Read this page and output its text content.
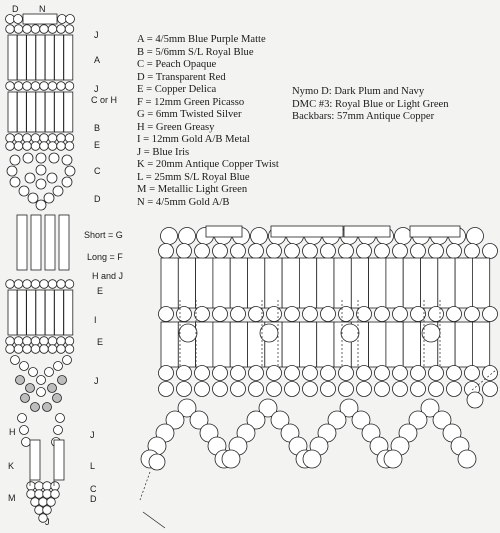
A = 4/5mm Blue Purple Matte
B = 5/6mm S/L Royal Blue
C = Peach Opaque
D = Transparent Red
E = Copper Delica
F = 12mm Green Picasso
G = 6mm Twisted Silver
H = Green Greasy
I = 12mm Gold A/B Metal
J = Blue Iris
K = 20mm Antique Copper Twist
L = 25mm S/L Royal Blue
M = Metallic Light Green
N = 4/5mm Gold A/B
Nymo D: Dark Plum and Navy
DMC #3: Royal Blue or Light Green
Backbars: 57mm Antique Copper
D N
J
A
J
C or H
B
E
C
D
Short = G
Long = F
H and J
E
I
E
J
H	J
K	L
C
D
M
J
